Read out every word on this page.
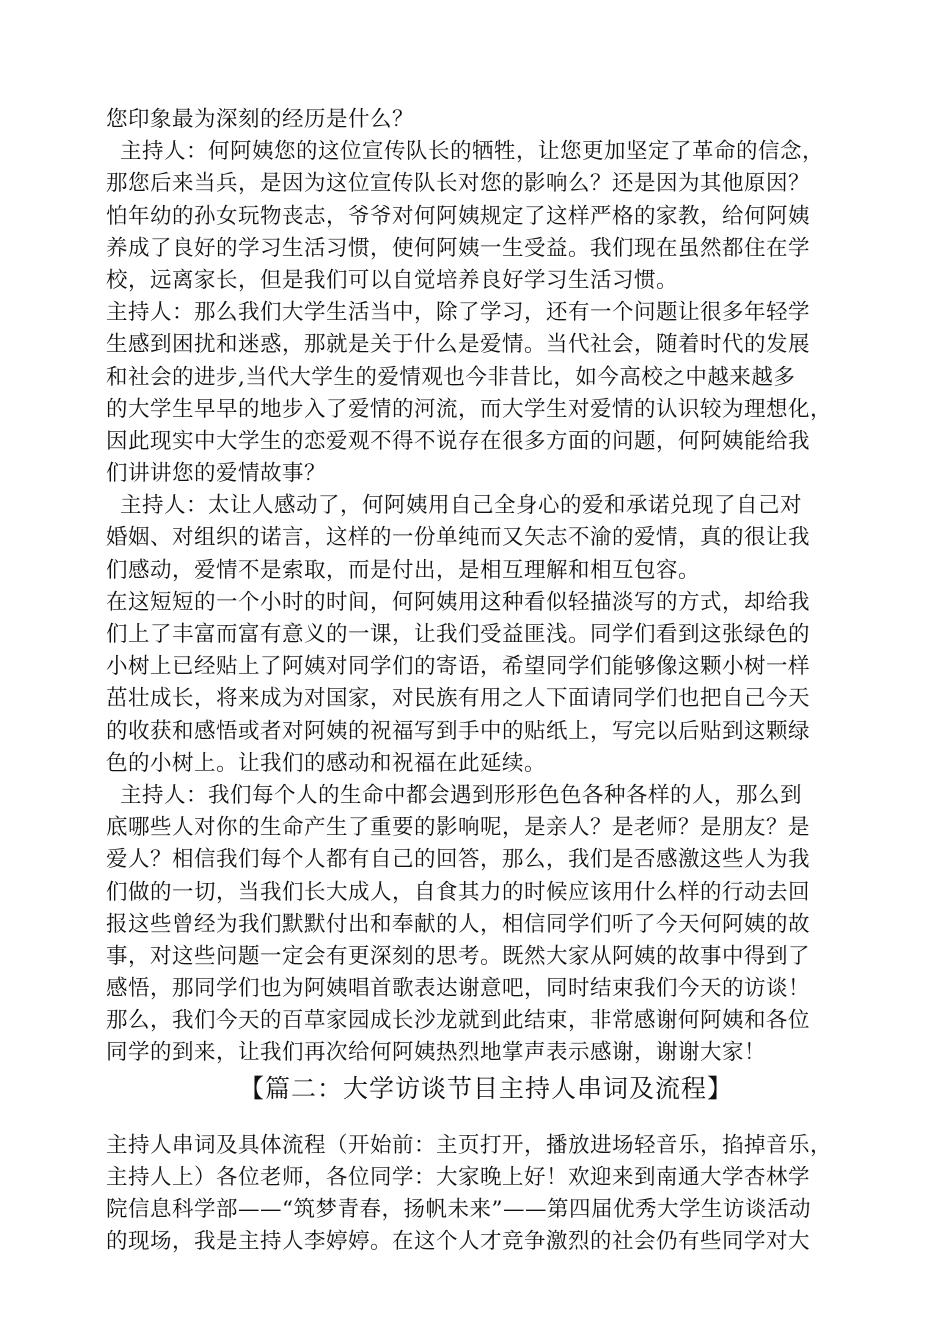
您印象最为深刻的经历是什么？
主持人：何阿姨您的这位宣传队长的牺牲，让您更加坚定了革命的信念，
那您后来当兵，是因为这位宣传队长对您的影响么？还是因为其他原因？
怕年幼的孙女玩物丧志，爷爷对何阿姨规定了这样严格的家教，给何阿姨
养成了良好的学习生活习惯，使何阿姨一生受益。我们现在虽然都住在学
校，远离家长，但是我们可以自觉培养良好学习生活习惯。
主持人：那么我们大学生活当中，除了学习，还有一个问题让很多年轻学
生感到困扰和迷惑，那就是关于什么是爱情。当代社会，随着时代的发展
和社会的进步,当代大学生的爱情观也今非昔比，如今高校之中越来越多
的大学生早早的地步入了爱情的河流，而大学生对爱情的认识较为理想化，
因此现实中大学生的恋爱观不得不说存在很多方面的问题，何阿姨能给我
们讲讲您的爱情故事？
主持人：太让人感动了，何阿姨用自己全身心的爱和承诺兑现了自己对
婚姻、对组织的诺言，这样的一份单纯而又矢志不渝的爱情，真的很让我
们感动，爱情不是索取，而是付出，是相互理解和相互包容。
在这短短的一个小时的时间，何阿姨用这种看似轻描淡写的方式，却给我
们上了丰富而富有意义的一课，让我们受益匪浅。同学们看到这张绿色的
小树上已经贴上了阿姨对同学们的寄语，希望同学们能够像这颗小树一样
茁壮成长，将来成为对国家，对民族有用之人下面请同学们也把自己今天
的收获和感悟或者对阿姨的祝福写到手中的贴纸上，写完以后贴到这颗绿
色的小树上。让我们的感动和祝福在此延续。
主持人：我们每个人的生命中都会遇到形形色色各种各样的人，那么到
底哪些人对你的生命产生了重要的影响呢，是亲人？是老师？是朋友？是
爱人？相信我们每个人都有自己的回答，那么，我们是否感激这些人为我
们做的一切，当我们长大成人，自食其力的时候应该用什么样的行动去回
报这些曾经为我们默默付出和奉献的人，相信同学们听了今天何阿姨的故
事，对这些问题一定会有更深刻的思考。既然大家从阿姨的故事中得到了
感悟，那同学们也为阿姨唱首歌表达谢意吧，同时结束我们今天的访谈！
那么，我们今天的百草家园成长沙龙就到此结束，非常感谢何阿姨和各位
同学的到来，让我们再次给何阿姨热烈地掌声表示感谢，谢谢大家！
【篇二：大学访谈节目主持人串词及流程】
主持人串词及具体流程（开始前：主页打开，播放进场轻音乐，掐掉音乐，
主持人上）各位老师，各位同学：大家晚上好！欢迎来到南通大学杏林学
院信息科学部——“筑梦青春，扬帆未来”——第四届优秀大学生访谈活动
的现场，我是主持人李婷婷。在这个人才竞争激烈的社会仍有些同学对大
